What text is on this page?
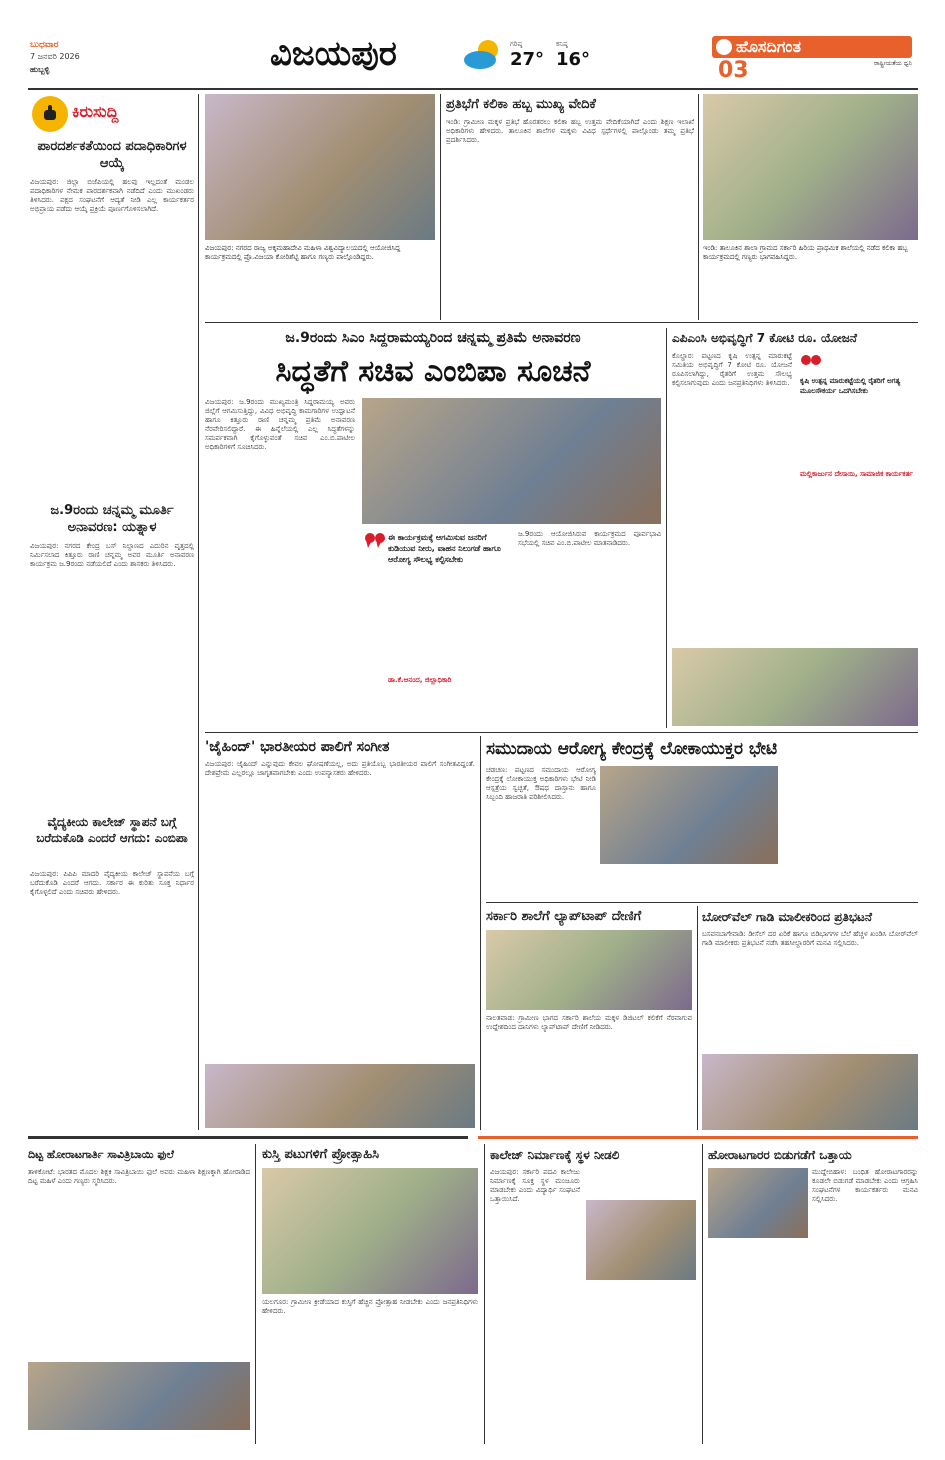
ಬುಧವಾರ
7 ಜನವರಿ 2026
ಹುಬ್ಬಳ್ಳಿ	ವಿಜಯಪುರ	ಗರಿಷ್ಠ
27°
ಕನಿಷ್ಠ
16°
ಹೊಸದಿಗಂತ
ರಾಷ್ಟ್ರೀಯತೆಯ ಧ್ವನಿ
03
ಕಿರುಸುದ್ದಿ
ಪಾರದರ್ಶಕತೆಯಿಂದ ಪದಾಧಿಕಾರಿಗಳ ಆಯ್ಕೆ
ವಿಜಯಪುರ: ಜಿಲ್ಲಾ ಬಿಜೆಪಿಯಲ್ಲಿ ಹಲವು ಇಲ್ಲದಂತೆ ಮಂಡಲ ಪದಾಧಿಕಾರಿಗಳ ನೇಮಕ ಪಾರದರ್ಶಕವಾಗಿ ನಡೆದಿದೆ ಎಂದು ಮುಖಂಡರು ತಿಳಿಸಿದರು. ಪಕ್ಷದ ಸಂಘಟನೆಗೆ ಆದ್ಯತೆ ನೀಡಿ ಎಲ್ಲ ಕಾರ್ಯಕರ್ತರ ಅಭಿಪ್ರಾಯ ಪಡೆದು ಆಯ್ಕೆ ಪ್ರಕ್ರಿಯೆ ಪೂರ್ಣಗೊಳಿಸಲಾಗಿದೆ.
ಜ.9ರಂದು ಚನ್ನಮ್ಮ ಮೂರ್ತಿ ಅನಾವರಣ: ಯತ್ನಾಳ
ವಿಜಯಪುರ: ನಗರದ ಕೇಂದ್ರ ಬಸ್ ನಿಲ್ದಾಣದ ಎದುರಿನ ವೃತ್ತದಲ್ಲಿ ನಿರ್ಮಿಸಲಾದ ಕಿತ್ತೂರು ರಾಣಿ ಚನ್ನಮ್ಮ ಅವರ ಮೂರ್ತಿ ಅನಾವರಣ ಕಾರ್ಯಕ್ರಮ ಜ.9ರಂದು ನಡೆಯಲಿದೆ ಎಂದು ಶಾಸಕರು ತಿಳಿಸಿದರು.
ವೈದ್ಯಕೀಯ ಕಾಲೇಜ್ ಸ್ಥಾಪನೆ ಬಗ್ಗೆ ಬರೆದುಕೊಡಿ ಎಂದರೆ ಆಗದು: ಎಂಬಿಪಾ
ವಿಜಯಪುರ: ಪಿಪಿಪಿ ಮಾದರಿ ವೈದ್ಯಕೀಯ ಕಾಲೇಜ್ ಸ್ಥಾಪನೆಯ ಬಗ್ಗೆ ಬರೆದುಕೊಡಿ ಎಂದರೆ ಆಗದು. ಸರ್ಕಾರ ಈ ಕುರಿತು ಸೂಕ್ತ ನಿರ್ಧಾರ ಕೈಗೊಳ್ಳಲಿದೆ ಎಂದು ಸಚಿವರು ಹೇಳಿದರು.
ವಿಜಯಪುರ: ನಗರದ ರಾಜ್ಯ ಅಕ್ಕಮಹಾದೇವಿ ಮಹಿಳಾ ವಿಶ್ವವಿದ್ಯಾಲಯದಲ್ಲಿ ಆಯೋಜಿಸಿದ್ದ ಕಾರ್ಯಕ್ರಮದಲ್ಲಿ ಪ್ರೊ.ವಿಜಯಾ ಕೋರಿಶೆಟ್ಟಿ ಹಾಗೂ ಗಣ್ಯರು ಪಾಲ್ಗೊಂಡಿದ್ದರು.
ಪ್ರತಿಭೆಗೆ ಕಲಿಕಾ ಹಬ್ಬ ಮುಖ್ಯ ವೇದಿಕೆ
ಇಂಡಿ: ಗ್ರಾಮೀಣ ಮಕ್ಕಳ ಪ್ರತಿಭೆ ಹೊರತರಲು ಕಲಿಕಾ ಹಬ್ಬ ಉತ್ತಮ ವೇದಿಕೆಯಾಗಿದೆ ಎಂದು ಶಿಕ್ಷಣ ಇಲಾಖೆ ಅಧಿಕಾರಿಗಳು ಹೇಳಿದರು. ತಾಲೂಕಿನ ಶಾಲೆಗಳ ಮಕ್ಕಳು ವಿವಿಧ ಸ್ಪರ್ಧೆಗಳಲ್ಲಿ ಪಾಲ್ಗೊಂಡು ತಮ್ಮ ಪ್ರತಿಭೆ ಪ್ರದರ್ಶಿಸಿದರು.
ಇಂಡಿ: ತಾಲೂಕಿನ ಶಾಲಾ ಗ್ರಾಮದ ಸರ್ಕಾರಿ ಹಿರಿಯ ಪ್ರಾಥಮಿಕ ಶಾಲೆಯಲ್ಲಿ ನಡೆದ ಕಲಿಕಾ ಹಬ್ಬ ಕಾರ್ಯಕ್ರಮದಲ್ಲಿ ಗಣ್ಯರು ಭಾಗವಹಿಸಿದ್ದರು.
ಜ.9ರಂದು ಸಿಎಂ ಸಿದ್ದರಾಮಯ್ಯರಿಂದ ಚನ್ನಮ್ಮ ಪ್ರತಿಮೆ ಅನಾವರಣ
ಸಿದ್ಧತೆಗೆ ಸಚಿವ ಎಂಬಿಪಾ ಸೂಚನೆ
ವಿಜಯಪುರ: ಜ.9ರಂದು ಮುಖ್ಯಮಂತ್ರಿ ಸಿದ್ದರಾಮಯ್ಯ ಅವರು ಜಿಲ್ಲೆಗೆ ಆಗಮಿಸುತ್ತಿದ್ದು, ವಿವಿಧ ಅಭಿವೃದ್ಧಿ ಕಾಮಗಾರಿಗಳ ಉದ್ಘಾಟನೆ ಹಾಗೂ ಕಿತ್ತೂರು ರಾಣಿ ಚನ್ನಮ್ಮ ಪ್ರತಿಮೆ ಅನಾವರಣ ನೆರವೇರಿಸಲಿದ್ದಾರೆ. ಈ ಹಿನ್ನೆಲೆಯಲ್ಲಿ ಎಲ್ಲ ಸಿದ್ಧತೆಗಳನ್ನು ಸಮರ್ಪಕವಾಗಿ ಕೈಗೊಳ್ಳುವಂತೆ ಸಚಿವ ಎಂ.ಬಿ.ಪಾಟೀಲ ಅಧಿಕಾರಿಗಳಿಗೆ ಸೂಚಿಸಿದರು.
ಈ ಕಾರ್ಯಕ್ರಮಕ್ಕೆ ಆಗಮಿಸುವ ಜನರಿಗೆ ಕುಡಿಯುವ ನೀರು, ವಾಹನ ನಿಲುಗಡೆ ಹಾಗೂ ಆರೋಗ್ಯ ಸೌಲಭ್ಯ ಕಲ್ಪಿಸಬೇಕು
ಡಾ.ಕೆ.ಆನಂದ, ಜಿಲ್ಲಾಧಿಕಾರಿ
ಜ.9ರಂದು ಆಯೋಜಿಸಿರುವ ಕಾರ್ಯಕ್ರಮದ ಪೂರ್ವಭಾವಿ ಸಭೆಯಲ್ಲಿ ಸಚಿವ ಎಂ.ಬಿ.ಪಾಟೀಲ ಮಾತನಾಡಿದರು.
ಎಪಿಎಂಸಿ ಅಭಿವೃದ್ಧಿಗೆ 7 ಕೋಟಿ ರೂ. ಯೋಜನೆ
ಕೊಲ್ಹಾರ: ಪಟ್ಟಣದ ಕೃಷಿ ಉತ್ಪನ್ನ ಮಾರುಕಟ್ಟೆ ಸಮಿತಿಯ ಅಭಿವೃದ್ಧಿಗೆ 7 ಕೋಟಿ ರೂ. ಯೋಜನೆ ರೂಪಿಸಲಾಗಿದ್ದು, ರೈತರಿಗೆ ಉತ್ತಮ ಸೌಲಭ್ಯ ಕಲ್ಪಿಸಲಾಗುವುದು ಎಂದು ಜನಪ್ರತಿನಿಧಿಗಳು ತಿಳಿಸಿದರು.	ಕೃಷಿ ಉತ್ಪನ್ನ ಮಾರುಕಟ್ಟೆಯಲ್ಲಿ ರೈತರಿಗೆ ಅಗತ್ಯ ಮೂಲಸೌಕರ್ಯ ಒದಗಿಸಬೇಕು
ಮಲ್ಲಿಕಾರ್ಜುನ ದೇಸಾಯಿ, ಸಾಮಾಜಿಕ ಕಾರ್ಯಕರ್ತ
'ಜೈಹಿಂದ್' ಭಾರತೀಯರ ಪಾಲಿಗೆ ಸಂಗೀತ
ವಿಜಯಪುರ: ಜೈಹಿಂದ್ ಎನ್ನುವುದು ಕೇವಲ ಘೋಷಣೆಯಲ್ಲ, ಅದು ಪ್ರತಿಯೊಬ್ಬ ಭಾರತೀಯರ ಪಾಲಿಗೆ ಸಂಗೀತವಿದ್ದಂತೆ. ದೇಶಪ್ರೇಮ ಎಲ್ಲರಲ್ಲೂ ಜಾಗೃತವಾಗಬೇಕು ಎಂದು ಉಪನ್ಯಾಸಕರು ಹೇಳಿದರು.
ಸಮುದಾಯ ಆರೋಗ್ಯ ಕೇಂದ್ರಕ್ಕೆ ಲೋಕಾಯುಕ್ತರ ಭೇಟಿ
ಚಡಚಣ: ಪಟ್ಟಣದ ಸಮುದಾಯ ಆರೋಗ್ಯ ಕೇಂದ್ರಕ್ಕೆ ಲೋಕಾಯುಕ್ತ ಅಧಿಕಾರಿಗಳು ಭೇಟಿ ನೀಡಿ ಆಸ್ಪತ್ರೆಯ ಸ್ವಚ್ಛತೆ, ಔಷಧ ದಾಸ್ತಾನು ಹಾಗೂ ಸಿಬ್ಬಂದಿ ಹಾಜರಾತಿ ಪರಿಶೀಲಿಸಿದರು.
ಸರ್ಕಾರಿ ಶಾಲೆಗೆ ಲ್ಯಾಪ್‌ಟಾಪ್ ದೇಣಿಗೆ
ನಾಲತವಾಡ: ಗ್ರಾಮೀಣ ಭಾಗದ ಸರ್ಕಾರಿ ಶಾಲೆಯ ಮಕ್ಕಳ ಡಿಜಿಟಲ್ ಕಲಿಕೆಗೆ ನೆರವಾಗುವ ಉದ್ದೇಶದಿಂದ ದಾನಿಗಳು ಲ್ಯಾಪ್‌ಟಾಪ್ ದೇಣಿಗೆ ನೀಡಿದರು.
ಬೋರ್‌ವೆಲ್ ಗಾಡಿ ಮಾಲೀಕರಿಂದ ಪ್ರತಿಭಟನೆ
ಬಸವನಬಾಗೇವಾಡಿ: ಡೀಸೆಲ್ ದರ ಏರಿಕೆ ಹಾಗೂ ಬಿಡಿಭಾಗಗಳ ಬೆಲೆ ಹೆಚ್ಚಳ ಖಂಡಿಸಿ ಬೋರ್‌ವೆಲ್ ಗಾಡಿ ಮಾಲೀಕರು ಪ್ರತಿಭಟನೆ ನಡೆಸಿ ತಹಸೀಲ್ದಾರರಿಗೆ ಮನವಿ ಸಲ್ಲಿಸಿದರು.
ದಿಟ್ಟ ಹೋರಾಟಗಾರ್ತಿ ಸಾವಿತ್ರಿಬಾಯಿ ಫುಲೆ
ತಾಳಿಕೋಟೆ: ಭಾರತದ ಮೊದಲ ಶಿಕ್ಷಕಿ ಸಾವಿತ್ರಿಬಾಯಿ ಫುಲೆ ಅವರು ಮಹಿಳಾ ಶಿಕ್ಷಣಕ್ಕಾಗಿ ಹೋರಾಡಿದ ದಿಟ್ಟ ಮಹಿಳೆ ಎಂದು ಗಣ್ಯರು ಸ್ಮರಿಸಿದರು.
ಕುಸ್ತಿ ಪಟುಗಳಿಗೆ ಪ್ರೋತ್ಸಾಹಿಸಿ
ಯಲಗೂರ: ಗ್ರಾಮೀಣ ಕ್ರೀಡೆಯಾದ ಕುಸ್ತಿಗೆ ಹೆಚ್ಚಿನ ಪ್ರೋತ್ಸಾಹ ನೀಡಬೇಕು ಎಂದು ಜನಪ್ರತಿನಿಧಿಗಳು ಹೇಳಿದರು.
ಕಾಲೇಜ್ ನಿರ್ಮಾಣಕ್ಕೆ ಸ್ಥಳ ನೀಡಲಿ
ವಿಜಯಪುರ: ಸರ್ಕಾರಿ ಪದವಿ ಕಾಲೇಜು ನಿರ್ಮಾಣಕ್ಕೆ ಸೂಕ್ತ ಸ್ಥಳ ಮಂಜೂರು ಮಾಡಬೇಕು ಎಂದು ವಿದ್ಯಾರ್ಥಿ ಸಂಘಟನೆ ಒತ್ತಾಯಿಸಿದೆ.
ಹೋರಾಟಗಾರರ ಬಿಡುಗಡೆಗೆ ಒತ್ತಾಯ
ಮುದ್ದೇಬಿಹಾಳ: ಬಂಧಿತ ಹೋರಾಟಗಾರರನ್ನು ಕೂಡಲೇ ಬಿಡುಗಡೆ ಮಾಡಬೇಕು ಎಂದು ಆಗ್ರಹಿಸಿ ಸಂಘಟನೆಗಳ ಕಾರ್ಯಕರ್ತರು ಮನವಿ ಸಲ್ಲಿಸಿದರು.
